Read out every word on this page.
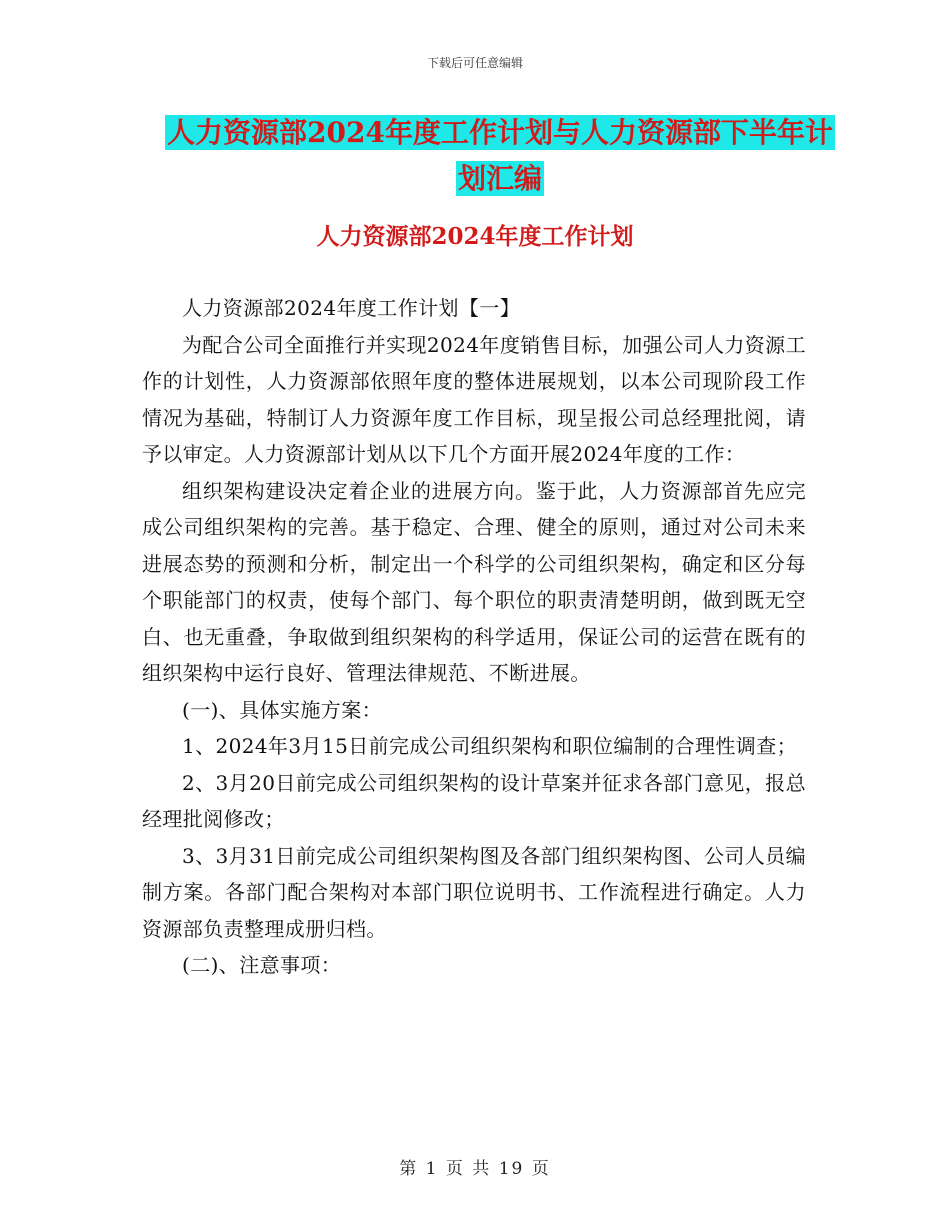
下载后可任意编辑
人力资源部2024年度工作计划与人力资源部下半年计
划汇编
人力资源部2024年度工作计划

人力资源部2024年度工作计划【一】

为配合公司全面推行并实现2024年度销售目标，加强公司人力资源工作的计划性，人力资源部依照年度的整体进展规划，以本公司现阶段工作情况为基础，特制订人力资源年度工作目标，现呈报公司总经理批阅，请予以审定。人力资源部计划从以下几个方面开展2024年度的工作：

组织架构建设决定着企业的进展方向。鉴于此，人力资源部首先应完成公司组织架构的完善。基于稳定、合理、健全的原则，通过对公司未来进展态势的预测和分析，制定出一个科学的公司组织架构，确定和区分每个职能部门的权责，使每个部门、每个职位的职责清楚明朗，做到既无空白、也无重叠，争取做到组织架构的科学适用，保证公司的运营在既有的组织架构中运行良好、管理法律规范、不断进展。

(一)、具体实施方案：

1、2024年3月15日前完成公司组织架构和职位编制的合理性调查；

2、3月20日前完成公司组织架构的设计草案并征求各部门意见，报总经理批阅修改；

3、3月31日前完成公司组织架构图及各部门组织架构图、公司人员编制方案。各部门配合架构对本部门职位说明书、工作流程进行确定。人力资源部负责整理成册归档。

(二)、注意事项：

第 1 页 共 19 页
